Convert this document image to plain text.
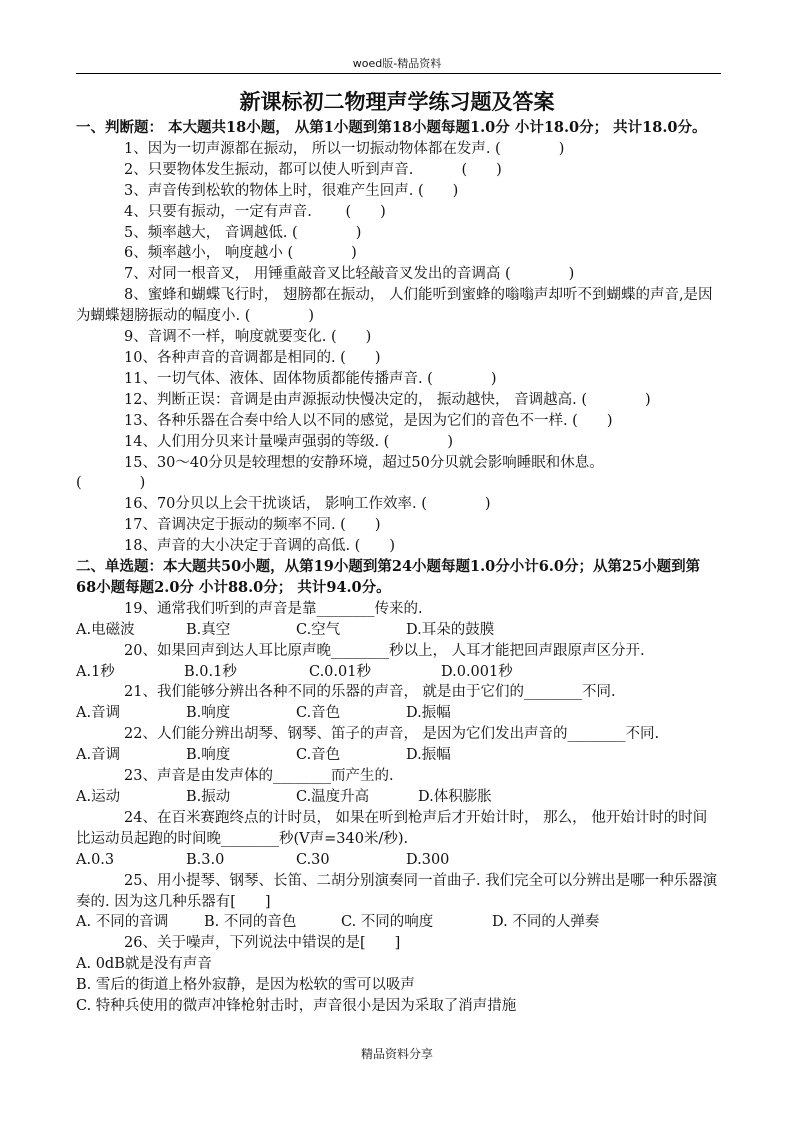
woed版-精品资料
新课标初二物理声学练习题及答案

一、判断题： 本大题共18小题， 从第1小题到第18小题每题1.0分 小计18.0分； 共计18.0分。

1、因为一切声源都在振动， 所以一切振动物体都在发声. (　　　　)

2、只要物体发生振动，都可以使人听到声音. 　　　(　　)

3、声音传到松软的物体上时，很难产生回声. (　　)

4、只要有振动，一定有声音. 　　(　　)

5、频率越大， 音调越低. (　　　　)

6、频率越小， 响度越小 (　　　　)

7、对同一根音叉， 用锤重敲音叉比轻敲音叉发出的音调高 (　　　　)

8、蜜蜂和蝴蝶飞行时， 翅膀都在振动， 人们能听到蜜蜂的嗡嗡声却听不到蝴蝶的声音,是因为蝴蝶翅膀振动的幅度小. (　　　　)

9、音调不一样，响度就要变化. (　　)

10、各种声音的音调都是相同的. (　　)

11、一切气体、液体、固体物质都能传播声音. (　　　　)

12、判断正误：音调是由声源振动快慢决定的， 振动越快， 音调越高. (　　　　)

13、各种乐器在合奏中给人以不同的感觉，是因为它们的音色不一样. (　　)

14、人们用分贝来计量噪声强弱的等级. (　　　　)

15、30～40分贝是较理想的安静环境，超过50分贝就会影响睡眠和休息。

(　　　　)

16、70分贝以上会干扰谈话， 影响工作效率. (　　　　)

17、音调决定于振动的频率不同. (　　)

18、声音的大小决定于音调的高低. (　　)

二、单选题：本大题共50小题，从第19小题到第24小题每题1.0分小计6.0分；从第25小题到第68小题每题2.0分 小计88.0分； 共计94.0分。

19、通常我们听到的声音是靠________传来的.

A.电磁波	B.真空	C.空气	D.耳朵的鼓膜

20、如果回声到达人耳比原声晚________秒以上， 人耳才能把回声跟原声区分开.

A.1秒	B.0.1秒	C.0.01秒	D.0.001秒

21、我们能够分辨出各种不同的乐器的声音， 就是由于它们的________不同.

A.音调	B.响度	C.音色	D.振幅

22、人们能分辨出胡琴、钢琴、笛子的声音， 是因为它们发出声音的________不同.

A.音调	B.响度	C.音色	D.振幅

23、声音是由发声体的________而产生的.

A.运动	B.振动	C.温度升高	D.体积膨胀

24、在百米赛跑终点的计时员， 如果在听到枪声后才开始计时， 那么， 他开始计时的时间比运动员起跑的时间晚________秒(V声=340米/秒).

A.0.3	B.3.0	C.30	D.300

25、用小提琴、钢琴、长笛、二胡分别演奏同一首曲子. 我们完全可以分辨出是哪一种乐器演奏的. 因为这几种乐器有[　　]

A. 不同的音调	B. 不同的音色	C. 不同的响度	D. 不同的人弹奏

26、关于噪声，下列说法中错误的是[　　]

A. 0dB就是没有声音

B. 雪后的街道上格外寂静，是因为松软的雪可以吸声

C. 特种兵使用的微声冲锋枪射击时，声音很小是因为采取了消声措施

精品资料分享
